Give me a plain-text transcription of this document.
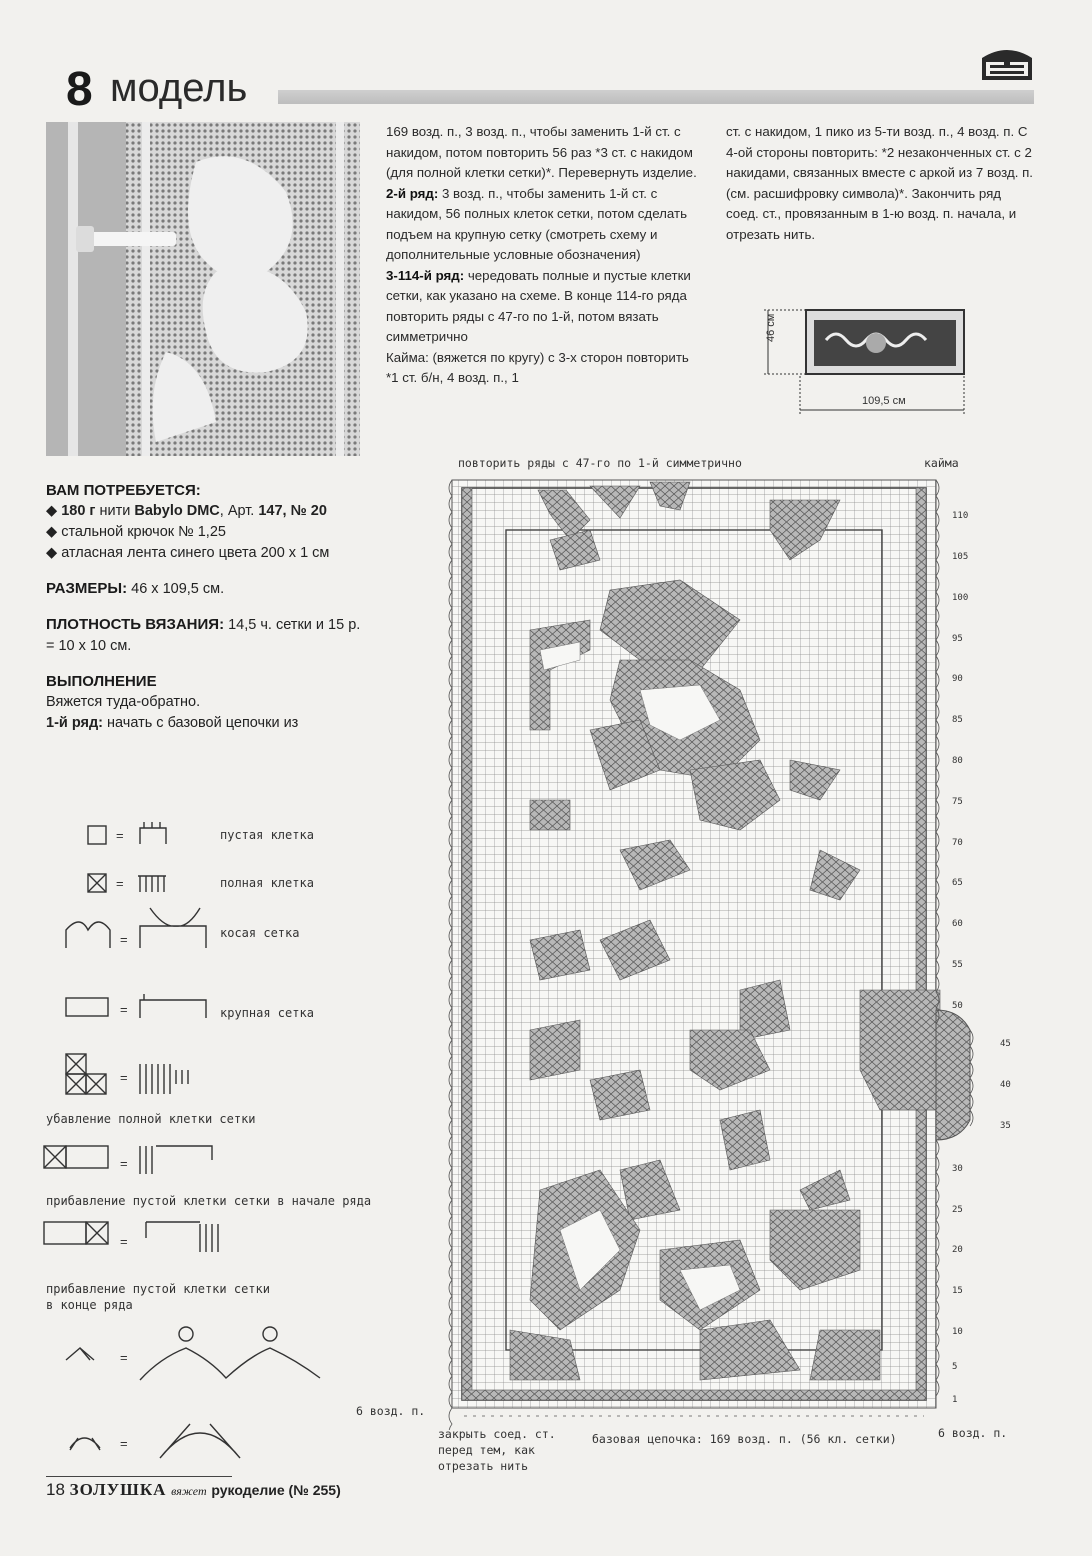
8 модель

169 возд. п., 3 возд. п., чтобы заменить 1-й ст. с накидом, потом повторить 56 раз *3 ст. с накидом (для полной клетки сетки)*. Перевернуть изделие.

2-й ряд: 3 возд. п., чтобы заменить 1-й ст. с накидом, 56 полных клеток сетки, потом сделать подъем на крупную сетку (смотреть схему и дополнительные условные обозначения)

3-114-й ряд: чередовать полные и пустые клетки сетки, как указано на схеме. В конце 114-го ряда повторить ряды с 47-го по 1-й, потом вязать симметрично

Кайма: (вяжется по кругу) с 3-х сторон повторить *1 ст. б/н, 4 возд. п., 1

ст. с накидом, 1 пико из 5-ти возд. п., 4 возд. п. С 4-ой стороны повторить: *2 незаконченных ст. с 2 накидами, связанных вместе с аркой из 7 возд. п. (см. расшифровку символа)*. Закончить ряд соед. ст., провязанным в 1-ю возд. п. начала, и отрезать нить.

46 см
109,5 см
ВАМ ПОТРЕБУЕТСЯ:
◆ 180 г нити Babylo DMC, Арт. 147, № 20
◆ стальной крючок № 1,25
◆ атласная лента синего цвета 200 х 1 см
РАЗМЕРЫ: 46 х 109,5 см.
ПЛОТНОСТЬ ВЯЗАНИЯ: 14,5 ч. сетки и 15 р. = 10 х 10 см.
ВЫПОЛНЕНИЕ
Вяжется туда-обратно.
1-й ряд: начать с базовой цепочки из
=
=
=
=
=
=
=
=
=
пустая клетка
полная клетка
косая сетка
крупная сетка
убавление полной клетки сетки
прибавление пустой клетки сетки в начале ряда
прибавление пустой клетки сетки
в конце ряда
повторить ряды с 47-го по 1-й симметрично	кайма
110
105
100
95
90
85
80
75
70
65
60
55
50
30
25
20
15
10
5
1
45
40
35
6 возд. п.
6 возд. п.
закрыть соед. ст.
перед тем, как
отрезать нить
базовая цепочка: 169 возд. п. (56 кл. сетки)
18 ЗОЛУШКА вяжет рукоделие (№ 255)
